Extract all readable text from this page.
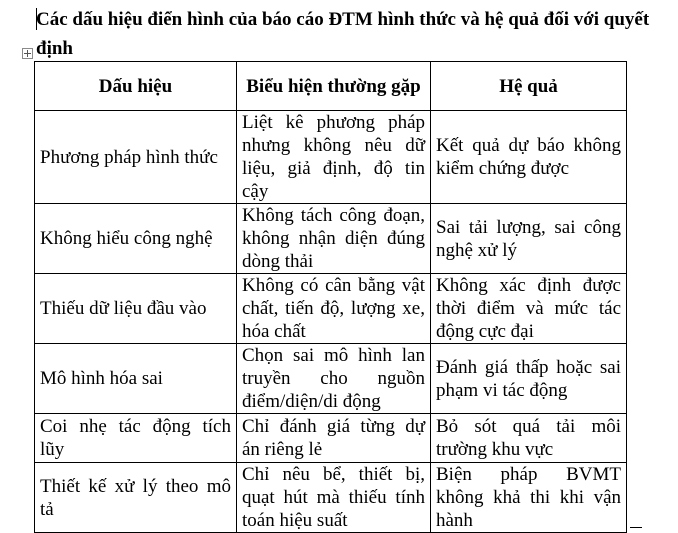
Các dấu hiệu điển hình của báo cáo ĐTM hình thức và hệ quả đối với quyết định
Dấu hiệu	Biểu hiện thường gặp	Hệ quả
Phương pháp hình thức	Liệt kê phương pháp nhưng không nêu dữ liệu, giả định, độ tin cậy	Kết quả dự báo không kiểm chứng được
Không hiểu công nghệ	Không tách công đoạn, không nhận diện đúng dòng thải	Sai tải lượng, sai công nghệ xử lý
Thiếu dữ liệu đầu vào	Không có cân bằng vật chất, tiến độ, lượng xe, hóa chất	Không xác định được thời điểm và mức tác động cực đại
Mô hình hóa sai	Chọn sai mô hình lan truyền cho nguồn điểm/diện/di động	Đánh giá thấp hoặc sai phạm vi tác động
Coi nhẹ tác động tích lũy	Chỉ đánh giá từng dự án riêng lẻ	Bỏ sót quá tải môi trường khu vực
Thiết kế xử lý theo mô tả	Chỉ nêu bể, thiết bị, quạt hút mà thiếu tính toán hiệu suất	Biện pháp BVMT không khả thi khi vận hành
